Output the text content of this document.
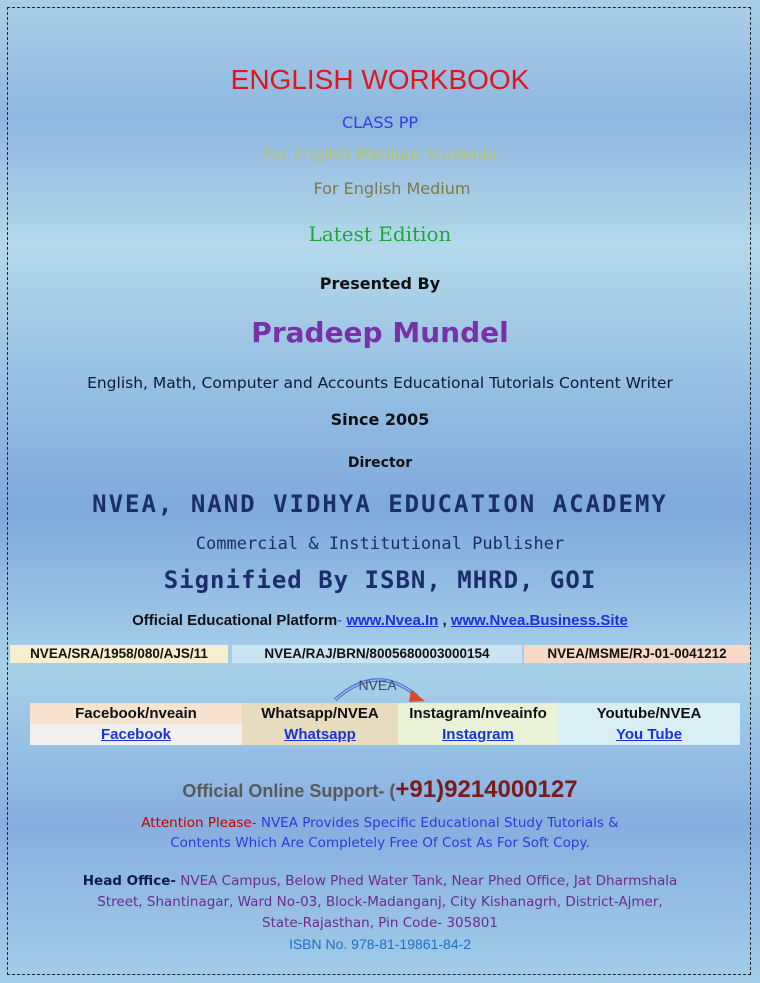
ENGLISH WORKBOOK
CLASS PP
For English Medium Students
For English Medium
Latest Edition
Presented By
Pradeep Mundel
English, Math, Computer and Accounts Educational Tutorials Content Writer
Since 2005
Director
NVEA, NAND VIDHYA EDUCATION ACADEMY
Commercial & Institutional Publisher
Signified By ISBN, MHRD, GOI
Official Educational Platform- www.Nvea.In , www.Nvea.Business.Site
NVEA/SRA/1958/080/AJS/11	NVEA/RAJ/BRN/8005680003000154	NVEA/MSME/RJ-01-0041212
NVEA
Facebook/nveain	Whatsapp/NVEA	Instagram/nveainfo	Youtube/NVEA
Facebook	Whatsapp	Instagram	You Tube
Official Online Support- (+91)9214000127
Attention Please- NVEA Provides Specific Educational Study Tutorials &
Contents Which Are Completely Free Of Cost As For Soft Copy.
Head Office- NVEA Campus, Below Phed Water Tank, Near Phed Office, Jat Dharmshala
Street, Shantinagar, Ward No-03, Block-Madanganj, City Kishanagrh, District-Ajmer,
State-Rajasthan, Pin Code- 305801
ISBN No. 978-81-19861-84-2
